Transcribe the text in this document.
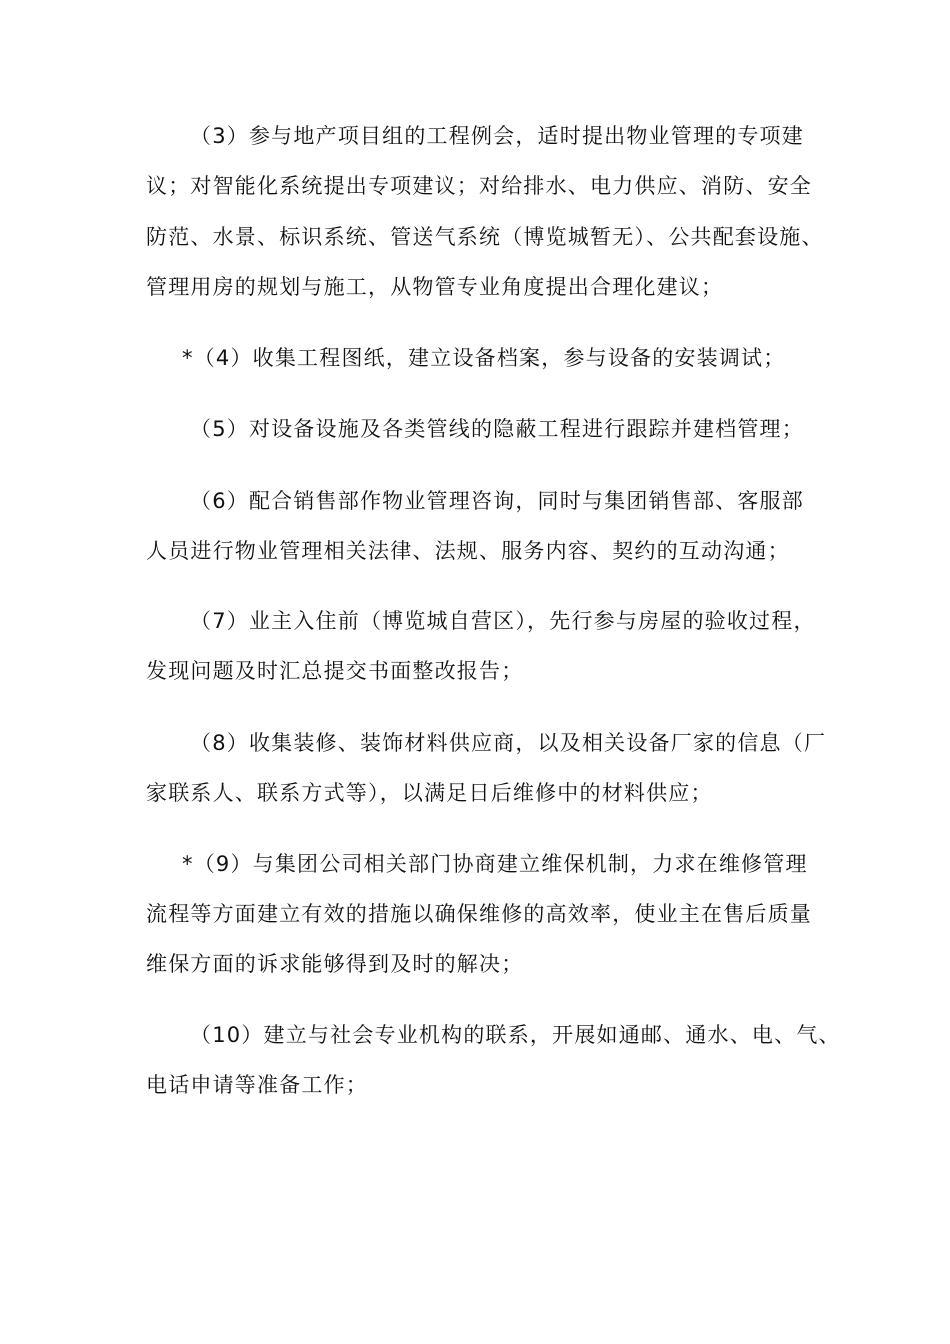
（3）参与地产项目组的工程例会，适时提出物业管理的专项建
议；对智能化系统提出专项建议；对给排水、电力供应、消防、安全
防范、水景、标识系统、管送气系统（博览城暂无）、公共配套设施、
管理用房的规划与施工，从物管专业角度提出合理化建议；
*（4）收集工程图纸，建立设备档案，参与设备的安装调试；
（5）对设备设施及各类管线的隐蔽工程进行跟踪并建档管理；
（6）配合销售部作物业管理咨询，同时与集团销售部、客服部
人员进行物业管理相关法律、法规、服务内容、契约的互动沟通；
（7）业主入住前（博览城自营区），先行参与房屋的验收过程，
发现问题及时汇总提交书面整改报告；
（8）收集装修、装饰材料供应商，以及相关设备厂家的信息（厂
家联系人、联系方式等），以满足日后维修中的材料供应；
*（9）与集团公司相关部门协商建立维保机制，力求在维修管理
流程等方面建立有效的措施以确保维修的高效率，使业主在售后质量
维保方面的诉求能够得到及时的解决；
（10）建立与社会专业机构的联系，开展如通邮、通水、电、气、
电话申请等准备工作；
